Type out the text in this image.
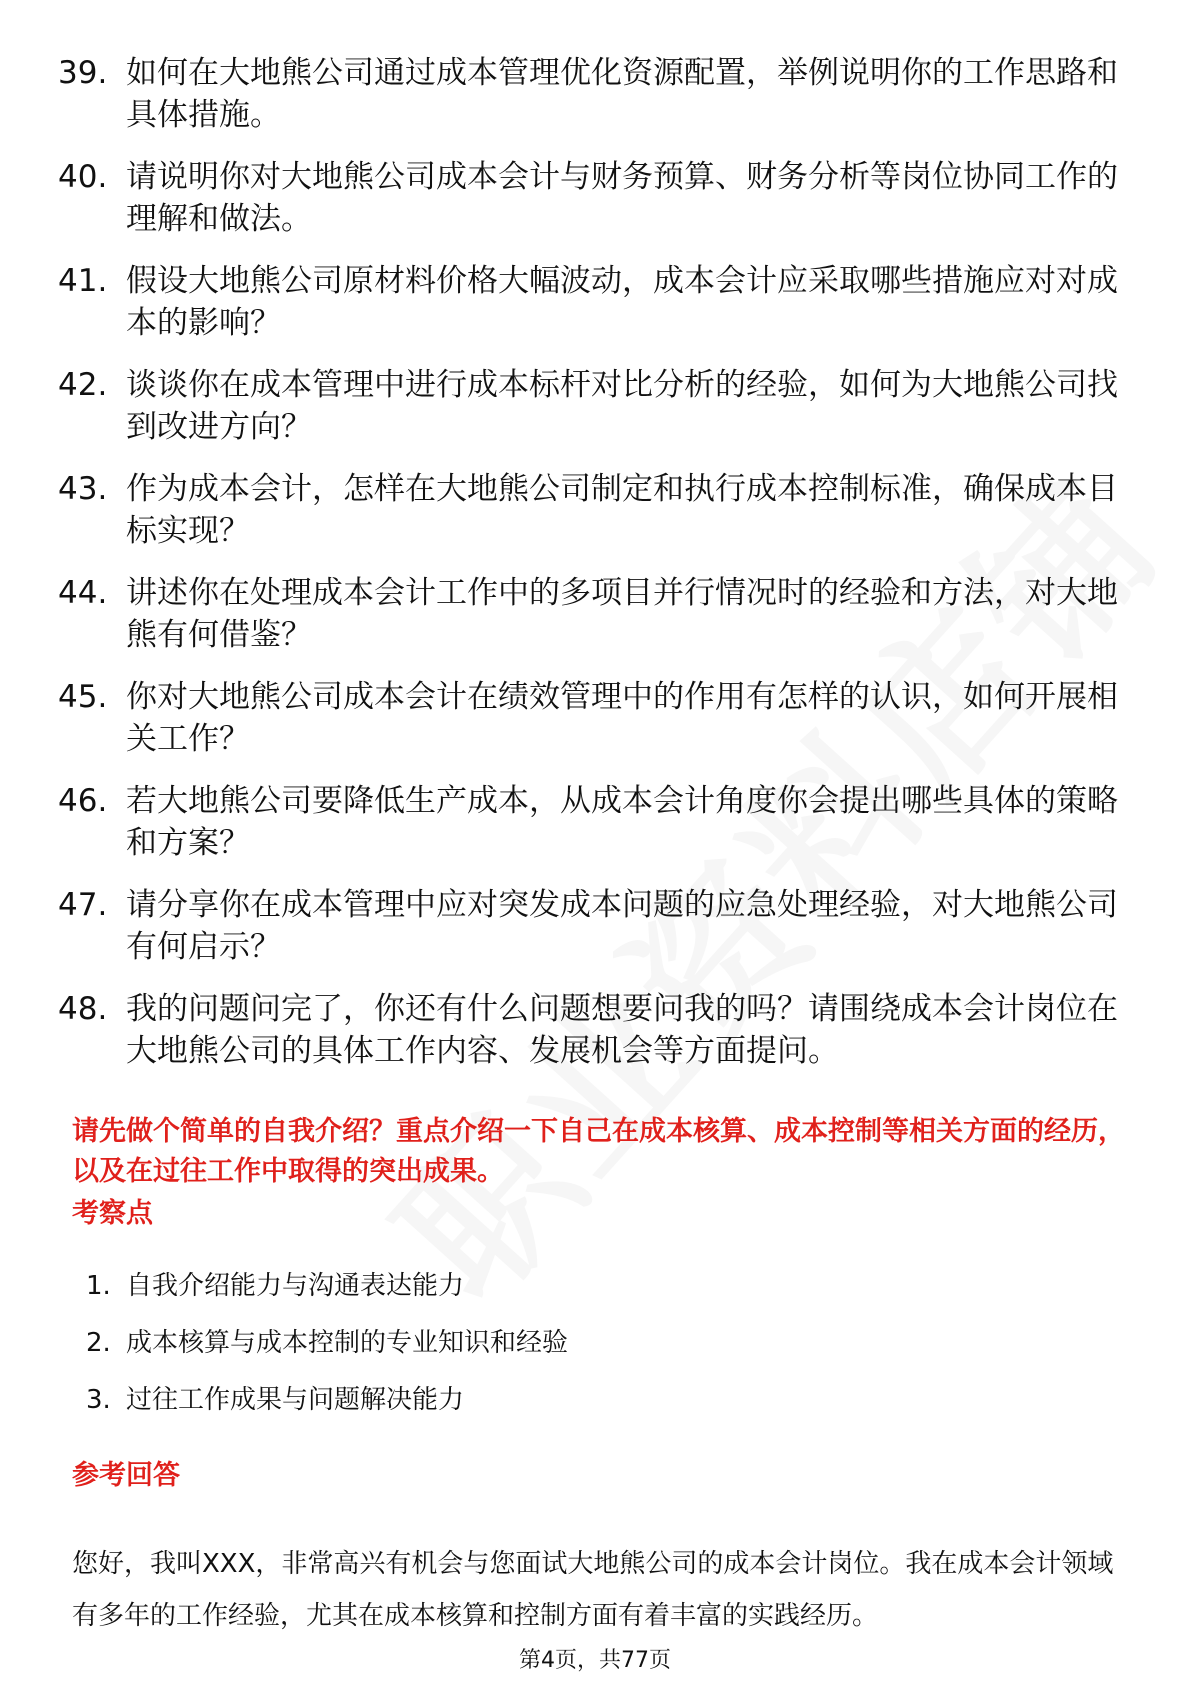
39. 如何在大地熊公司通过成本管理优化资源配置，举例说明你的工作思路和具体措施。
40. 请说明你对大地熊公司成本会计与财务预算、财务分析等岗位协同工作的理解和做法。
41. 假设大地熊公司原材料价格大幅波动，成本会计应采取哪些措施应对对成本的影响？
42. 谈谈你在成本管理中进行成本标杆对比分析的经验，如何为大地熊公司找到改进方向？
43. 作为成本会计，怎样在大地熊公司制定和执行成本控制标准，确保成本目标实现？
44. 讲述你在处理成本会计工作中的多项目并行情况时的经验和方法，对大地熊有何借鉴？
45. 你对大地熊公司成本会计在绩效管理中的作用有怎样的认识，如何开展相关工作？
46. 若大地熊公司要降低生产成本，从成本会计角度你会提出哪些具体的策略和方案？
47. 请分享你在成本管理中应对突发成本问题的应急处理经验，对大地熊公司有何启示？
48. 我的问题问完了，你还有什么问题想要问我的吗？请围绕成本会计岗位在大地熊公司的具体工作内容、发展机会等方面提问。
请先做个简单的自我介绍？重点介绍一下自己在成本核算、成本控制等相关方面的经历，以及在过往工作中取得的突出成果。
考察点
1. 自我介绍能力与沟通表达能力
2. 成本核算与成本控制的专业知识和经验
3. 过往工作成果与问题解决能力
参考回答
您好，我叫XXX，非常高兴有机会与您面试大地熊公司的成本会计岗位。我在成本会计领域有多年的工作经验，尤其在成本核算和控制方面有着丰富的实践经历。
第4页，共77页
